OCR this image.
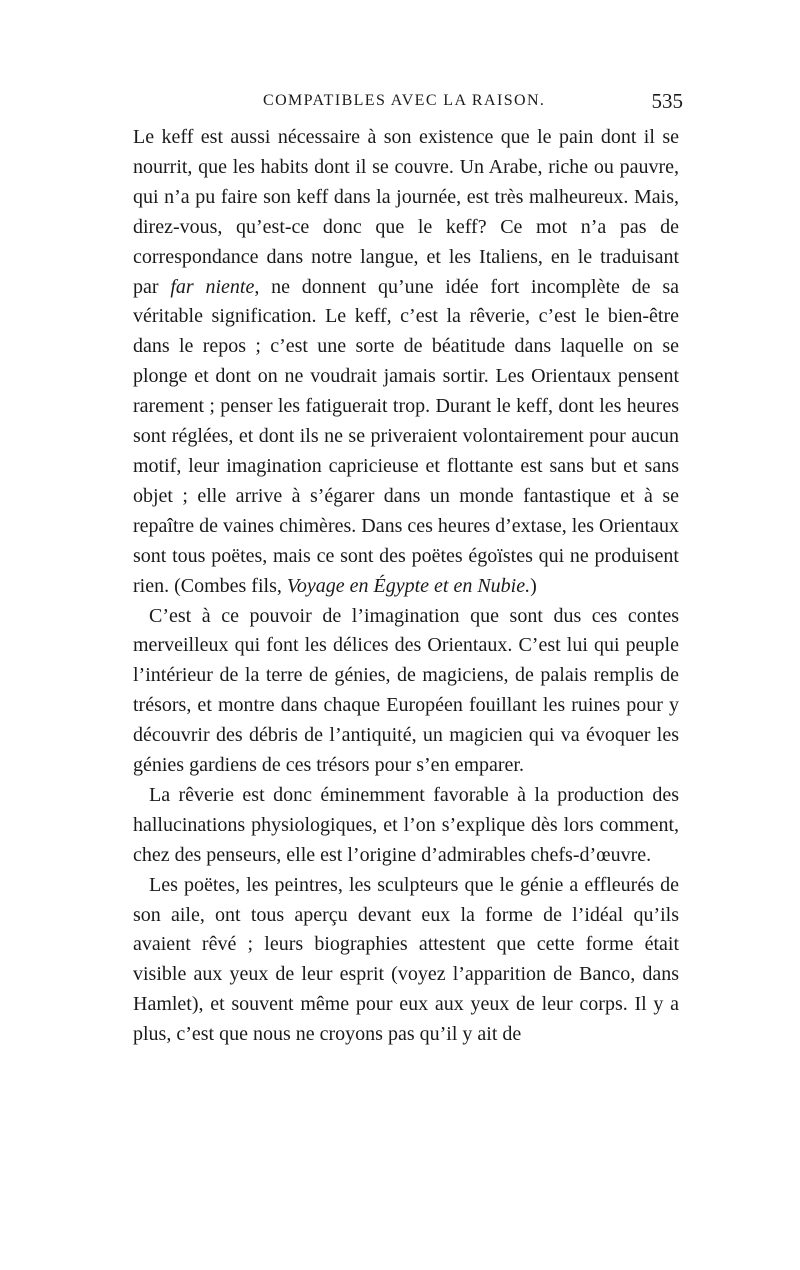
COMPATIBLES AVEC LA RAISON.	535

Le keff est aussi nécessaire à son existence que le pain dont il se nourrit, que les habits dont il se couvre. Un Arabe, riche ou pauvre, qui n’a pu faire son keff dans la journée, est très malheureux. Mais, direz-vous, qu’est-ce donc que le keff? Ce mot n’a pas de correspondance dans notre langue, et les Italiens, en le traduisant par far niente, ne donnent qu’une idée fort incomplète de sa véritable signification. Le keff, c’est la rêverie, c’est le bien-être dans le repos ; c’est une sorte de béatitude dans laquelle on se plonge et dont on ne voudrait jamais sortir. Les Orientaux pensent rarement ; penser les fatiguerait trop. Durant le keff, dont les heures sont réglées, et dont ils ne se priveraient volontairement pour aucun motif, leur imagination capricieuse et flottante est sans but et sans objet ; elle arrive à s’égarer dans un monde fantastique et à se repaître de vaines chimères. Dans ces heures d’extase, les Orientaux sont tous poëtes, mais ce sont des poëtes égoïstes qui ne produisent rien. (Combes fils, Voyage en Égypte et en Nubie.)

C’est à ce pouvoir de l’imagination que sont dus ces contes merveilleux qui font les délices des Orientaux. C’est lui qui peuple l’intérieur de la terre de génies, de magiciens, de palais remplis de trésors, et montre dans chaque Européen fouillant les ruines pour y découvrir des débris de l’antiquité, un magicien qui va évoquer les génies gardiens de ces trésors pour s’en emparer.

La rêverie est donc éminemment favorable à la production des hallucinations physiologiques, et l’on s’explique dès lors comment, chez des penseurs, elle est l’origine d’admirables chefs-d’œuvre.

Les poëtes, les peintres, les sculpteurs que le génie a effleurés de son aile, ont tous aperçu devant eux la forme de l’idéal qu’ils avaient rêvé ; leurs biographies attestent que cette forme était visible aux yeux de leur esprit (voyez l’apparition de Banco, dans Hamlet), et souvent même pour eux aux yeux de leur corps. Il y a plus, c’est que nous ne croyons pas qu’il y ait de
